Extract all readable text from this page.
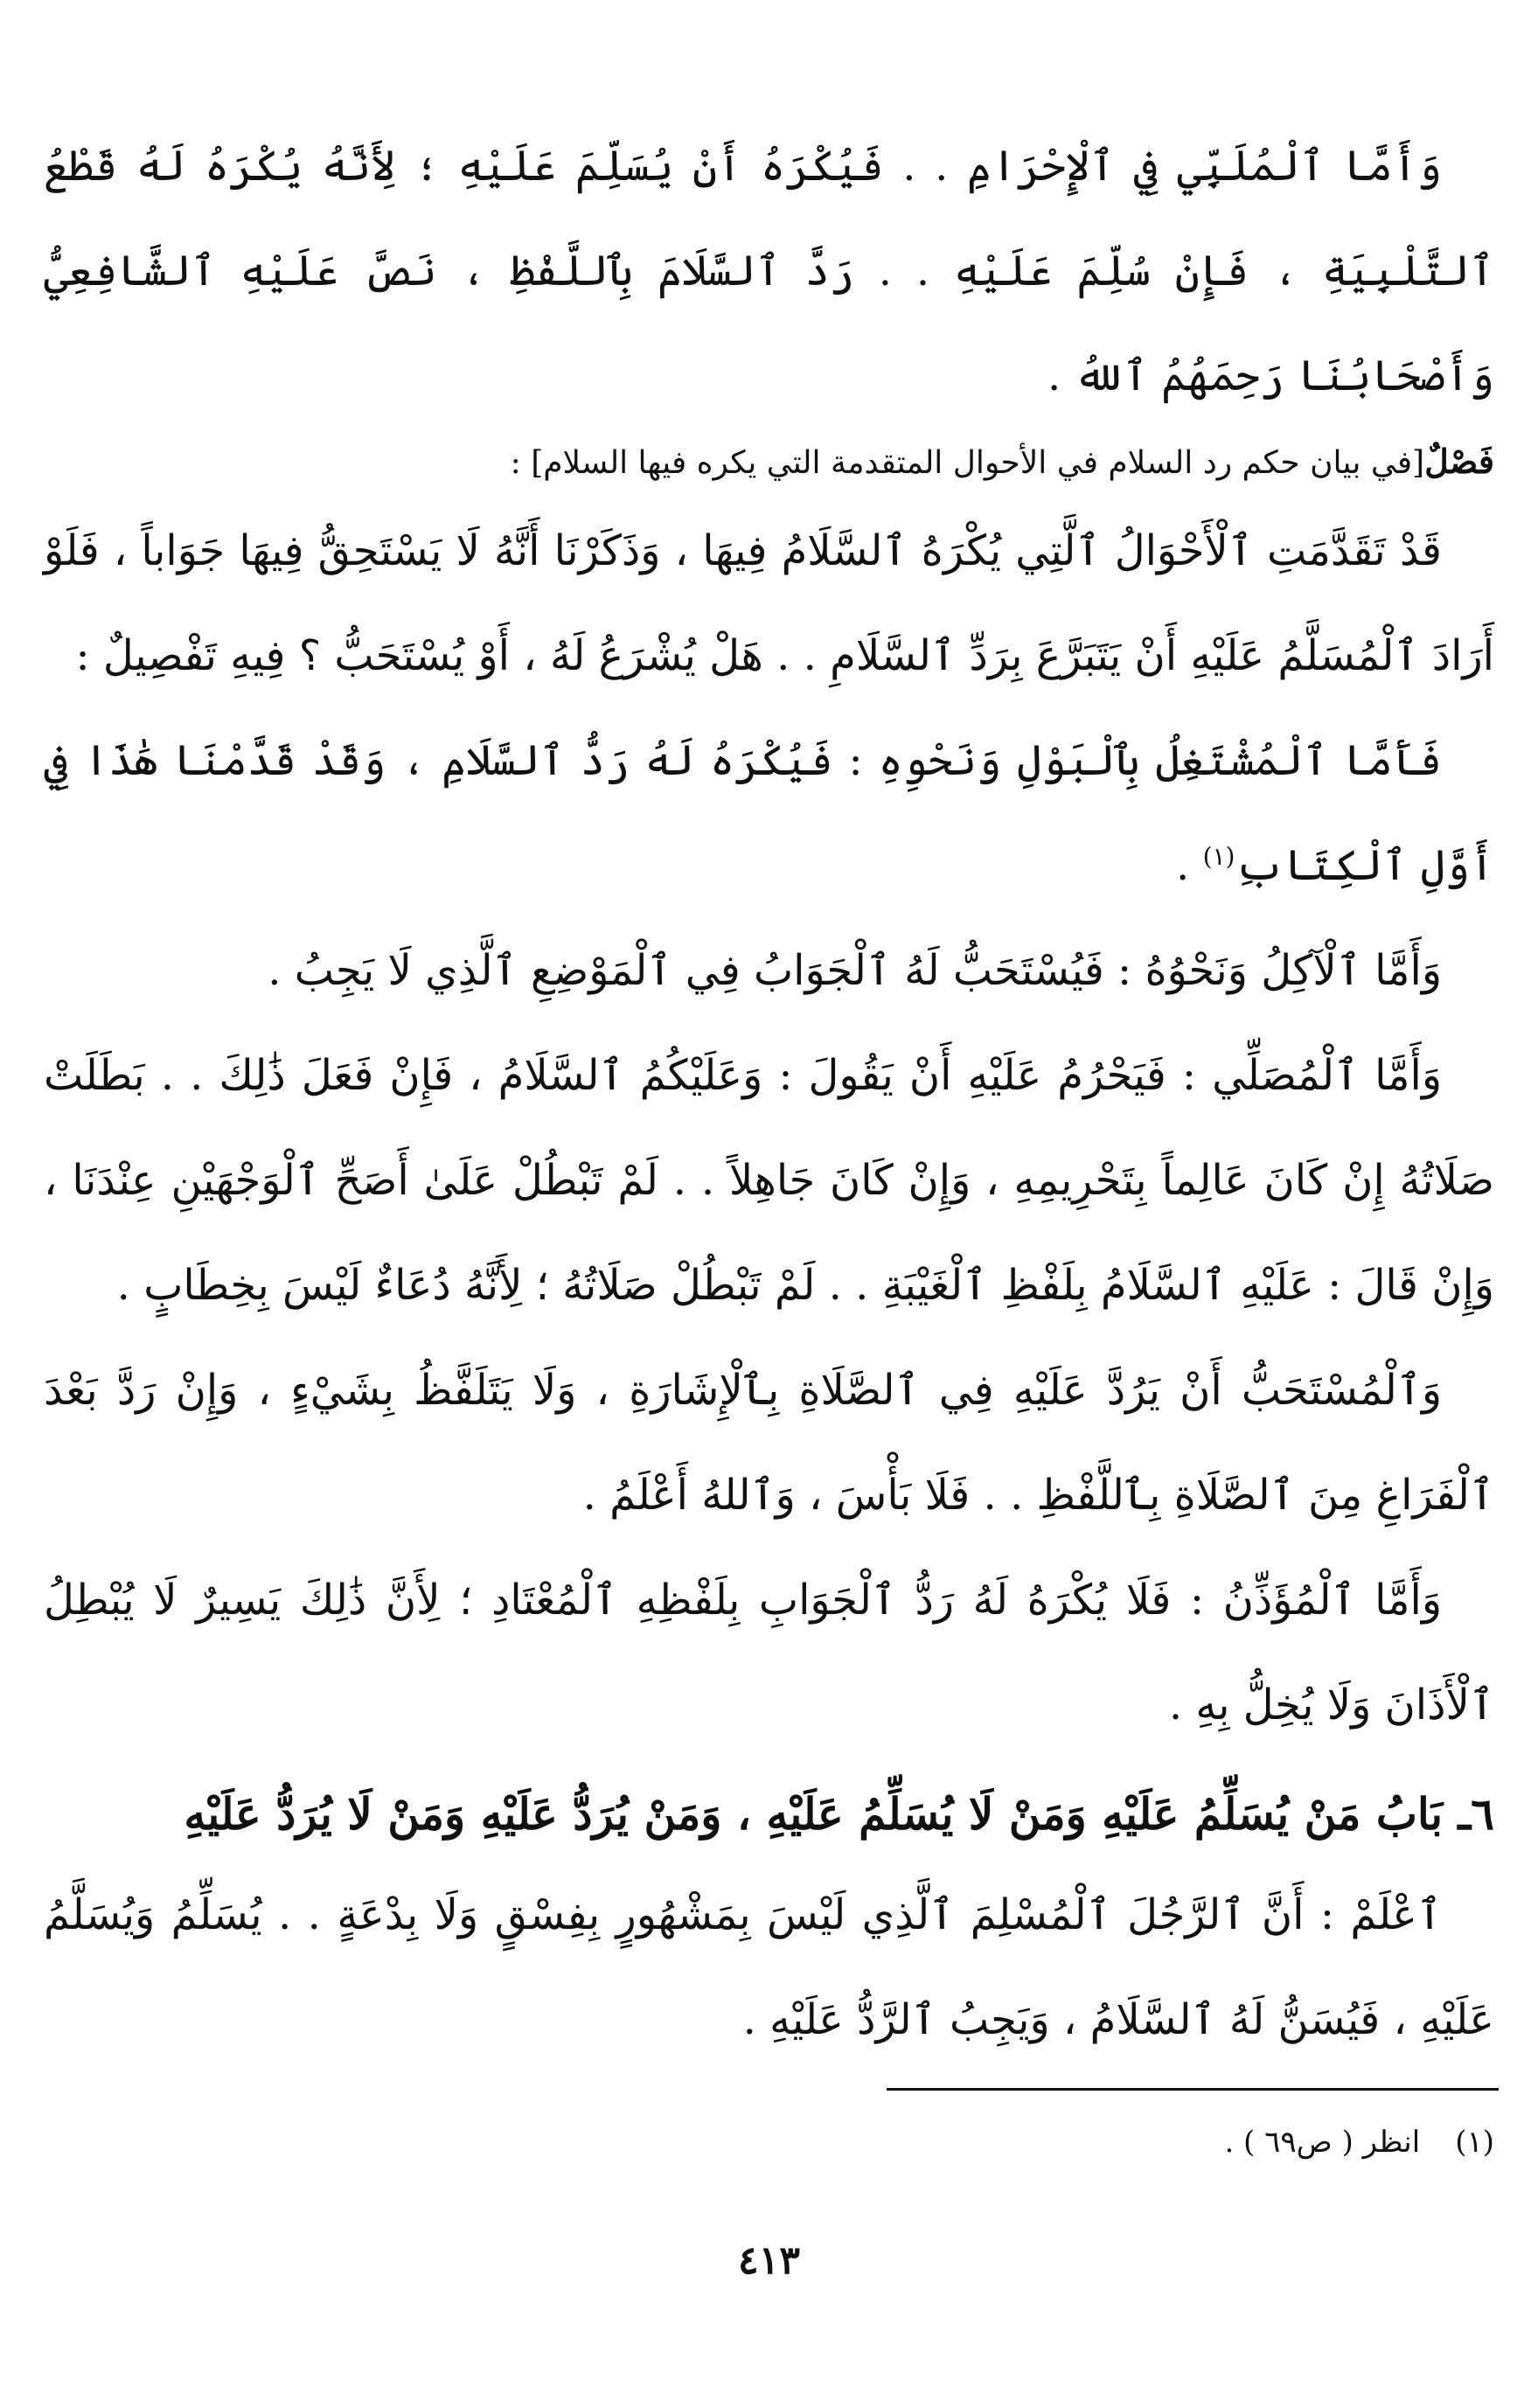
وَأَمَّا ٱلْمُلَبِّي فِي ٱلْإِحْرَامِ . . فَيُكْرَهُ أَنْ يُسَلِّمَ عَلَيْهِ ؛ لِأَنَّهُ يُكْرَهُ لَهُ قَطْعُ ٱلتَّلْبِيَةِ ، فَإِنْ سُلِّمَ عَلَيْهِ . . رَدَّ ٱلسَّلَامَ بِٱللَّفْظِ ، نَصَّ عَلَيْهِ ٱلشَّافِعِيُّ وَأَصْحَابُنَا رَحِمَهُمُ ٱللهُ .

فَصْلٌ[في بيان حكم رد السلام في الأحوال المتقدمة التي يكره فيها السلام] :

قَدْ تَقَدَّمَتِ ٱلْأَحْوَالُ ٱلَّتِي يُكْرَهُ ٱلسَّلَامُ فِيهَا ، وَذَكَرْنَا أَنَّهُ لَا يَسْتَحِقُّ فِيهَا جَوَاباً ، فَلَوْ أَرَادَ ٱلْمُسَلَّمُ عَلَيْهِ أَنْ يَتَبَرَّعَ بِرَدِّ ٱلسَّلَامِ . . هَلْ يُشْرَعُ لَهُ ، أَوْ يُسْتَحَبُّ ؟ فِيهِ تَفْصِيلٌ :

فَأَمَّا ٱلْمُشْتَغِلُ بِٱلْبَوْلِ وَنَحْوِهِ : فَيُكْرَهُ لَهُ رَدُّ ٱلسَّلَامِ ، وَقَدْ قَدَّمْنَا هَٰذَا فِي أَوَّلِ ٱلْكِتَابِ$^{(١)}$ .

وَأَمَّا ٱلْآكِلُ وَنَحْوُهُ : فَيُسْتَحَبُّ لَهُ ٱلْجَوَابُ فِي ٱلْمَوْضِعِ ٱلَّذِي لَا يَجِبُ .

وَأَمَّا ٱلْمُصَلِّي : فَيَحْرُمُ عَلَيْهِ أَنْ يَقُولَ : وَعَلَيْكُمُ ٱلسَّلَامُ ، فَإِنْ فَعَلَ ذَٰلِكَ . . بَطَلَتْ صَلَاتُهُ إِنْ كَانَ عَالِماً بِتَحْرِيمِهِ ، وَإِنْ كَانَ جَاهِلاً . . لَمْ تَبْطُلْ عَلَىٰ أَصَحِّ ٱلْوَجْهَيْنِ عِنْدَنَا ، وَإِنْ قَالَ : عَلَيْهِ ٱلسَّلَامُ بِلَفْظِ ٱلْغَيْبَةِ . . لَمْ تَبْطُلْ صَلَاتُهُ ؛ لِأَنَّهُ دُعَاءٌ لَيْسَ بِخِطَابٍ .

وَٱلْمُسْتَحَبُّ أَنْ يَرُدَّ عَلَيْهِ فِي ٱلصَّلَاةِ بِٱلْإِشَارَةِ ، وَلَا يَتَلَفَّظُ بِشَيْءٍ ، وَإِنْ رَدَّ بَعْدَ ٱلْفَرَاغِ مِنَ ٱلصَّلَاةِ بِٱللَّفْظِ . . فَلَا بَأْسَ ، وَٱللهُ أَعْلَمُ .

وَأَمَّا ٱلْمُؤَذِّنُ : فَلَا يُكْرَهُ لَهُ رَدُّ ٱلْجَوَابِ بِلَفْظِهِ ٱلْمُعْتَادِ ؛ لِأَنَّ ذَٰلِكَ يَسِيرٌ لَا يُبْطِلُ ٱلْأَذَانَ وَلَا يُخِلُّ بِهِ .

٦ـ بَابُ مَنْ يُسَلِّمُ عَلَيْهِ وَمَنْ لَا يُسَلِّمُ عَلَيْهِ ، وَمَنْ يُرَدُّ عَلَيْهِ وَمَنْ لَا يُرَدُّ عَلَيْهِ

ٱعْلَمْ : أَنَّ ٱلرَّجُلَ ٱلْمُسْلِمَ ٱلَّذِي لَيْسَ بِمَشْهُورٍ بِفِسْقٍ وَلَا بِدْعَةٍ . . يُسَلِّمُ وَيُسَلَّمُ عَلَيْهِ ، فَيُسَنُّ لَهُ ٱلسَّلَامُ ، وَيَجِبُ ٱلرَّدُّ عَلَيْهِ .

(١)انظر ( ص٦٩ ) .
٤١٣
